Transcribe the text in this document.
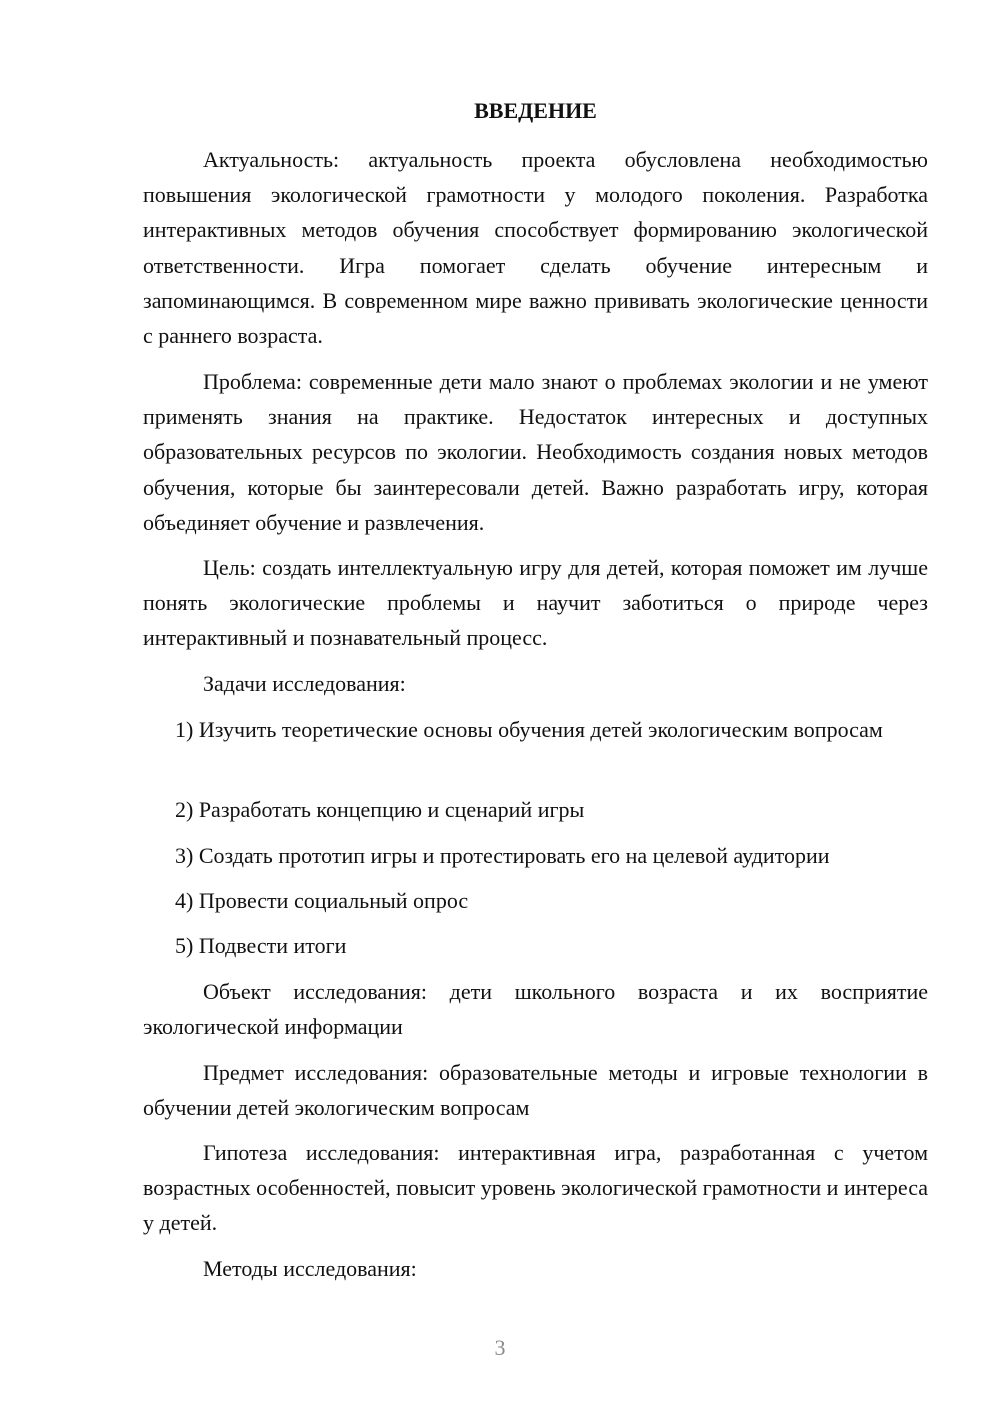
ВВЕДЕНИЕ

Актуальность: актуальность проекта обусловлена необходимостью повышения экологической грамотности у молодого поколения. Разработка интерактивных методов обучения способствует формированию экологической ответственности. Игра помогает сделать обучение интересным и запоминающимся. В современном мире важно прививать экологические ценности с раннего возраста.

Проблема: современные дети мало знают о проблемах экологии и не умеют применять знания на практике. Недостаток интересных и доступных образовательных ресурсов по экологии. Необходимость создания новых методов обучения, которые бы заинтересовали детей. Важно разработать игру, которая объединяет обучение и развлечения.

Цель: создать интеллектуальную игру для детей, которая поможет им лучше понять экологические проблемы и научит заботиться о природе через интерактивный и познавательный процесс.

Задачи исследования:

1) Изучить теоретические основы обучения детей экологическим вопросам

2) Разработать концепцию и сценарий игры

3) Создать прототип игры и протестировать его на целевой аудитории

4) Провести социальный опрос

5) Подвести итоги

Объект исследования: дети школьного возраста и их восприятие экологической информации

Предмет исследования: образовательные методы и игровые технологии в обучении детей экологическим вопросам

Гипотеза исследования: интерактивная игра, разработанная с учетом возрастных особенностей, повысит уровень экологической грамотности и интереса у детей.

Методы исследования:

3
